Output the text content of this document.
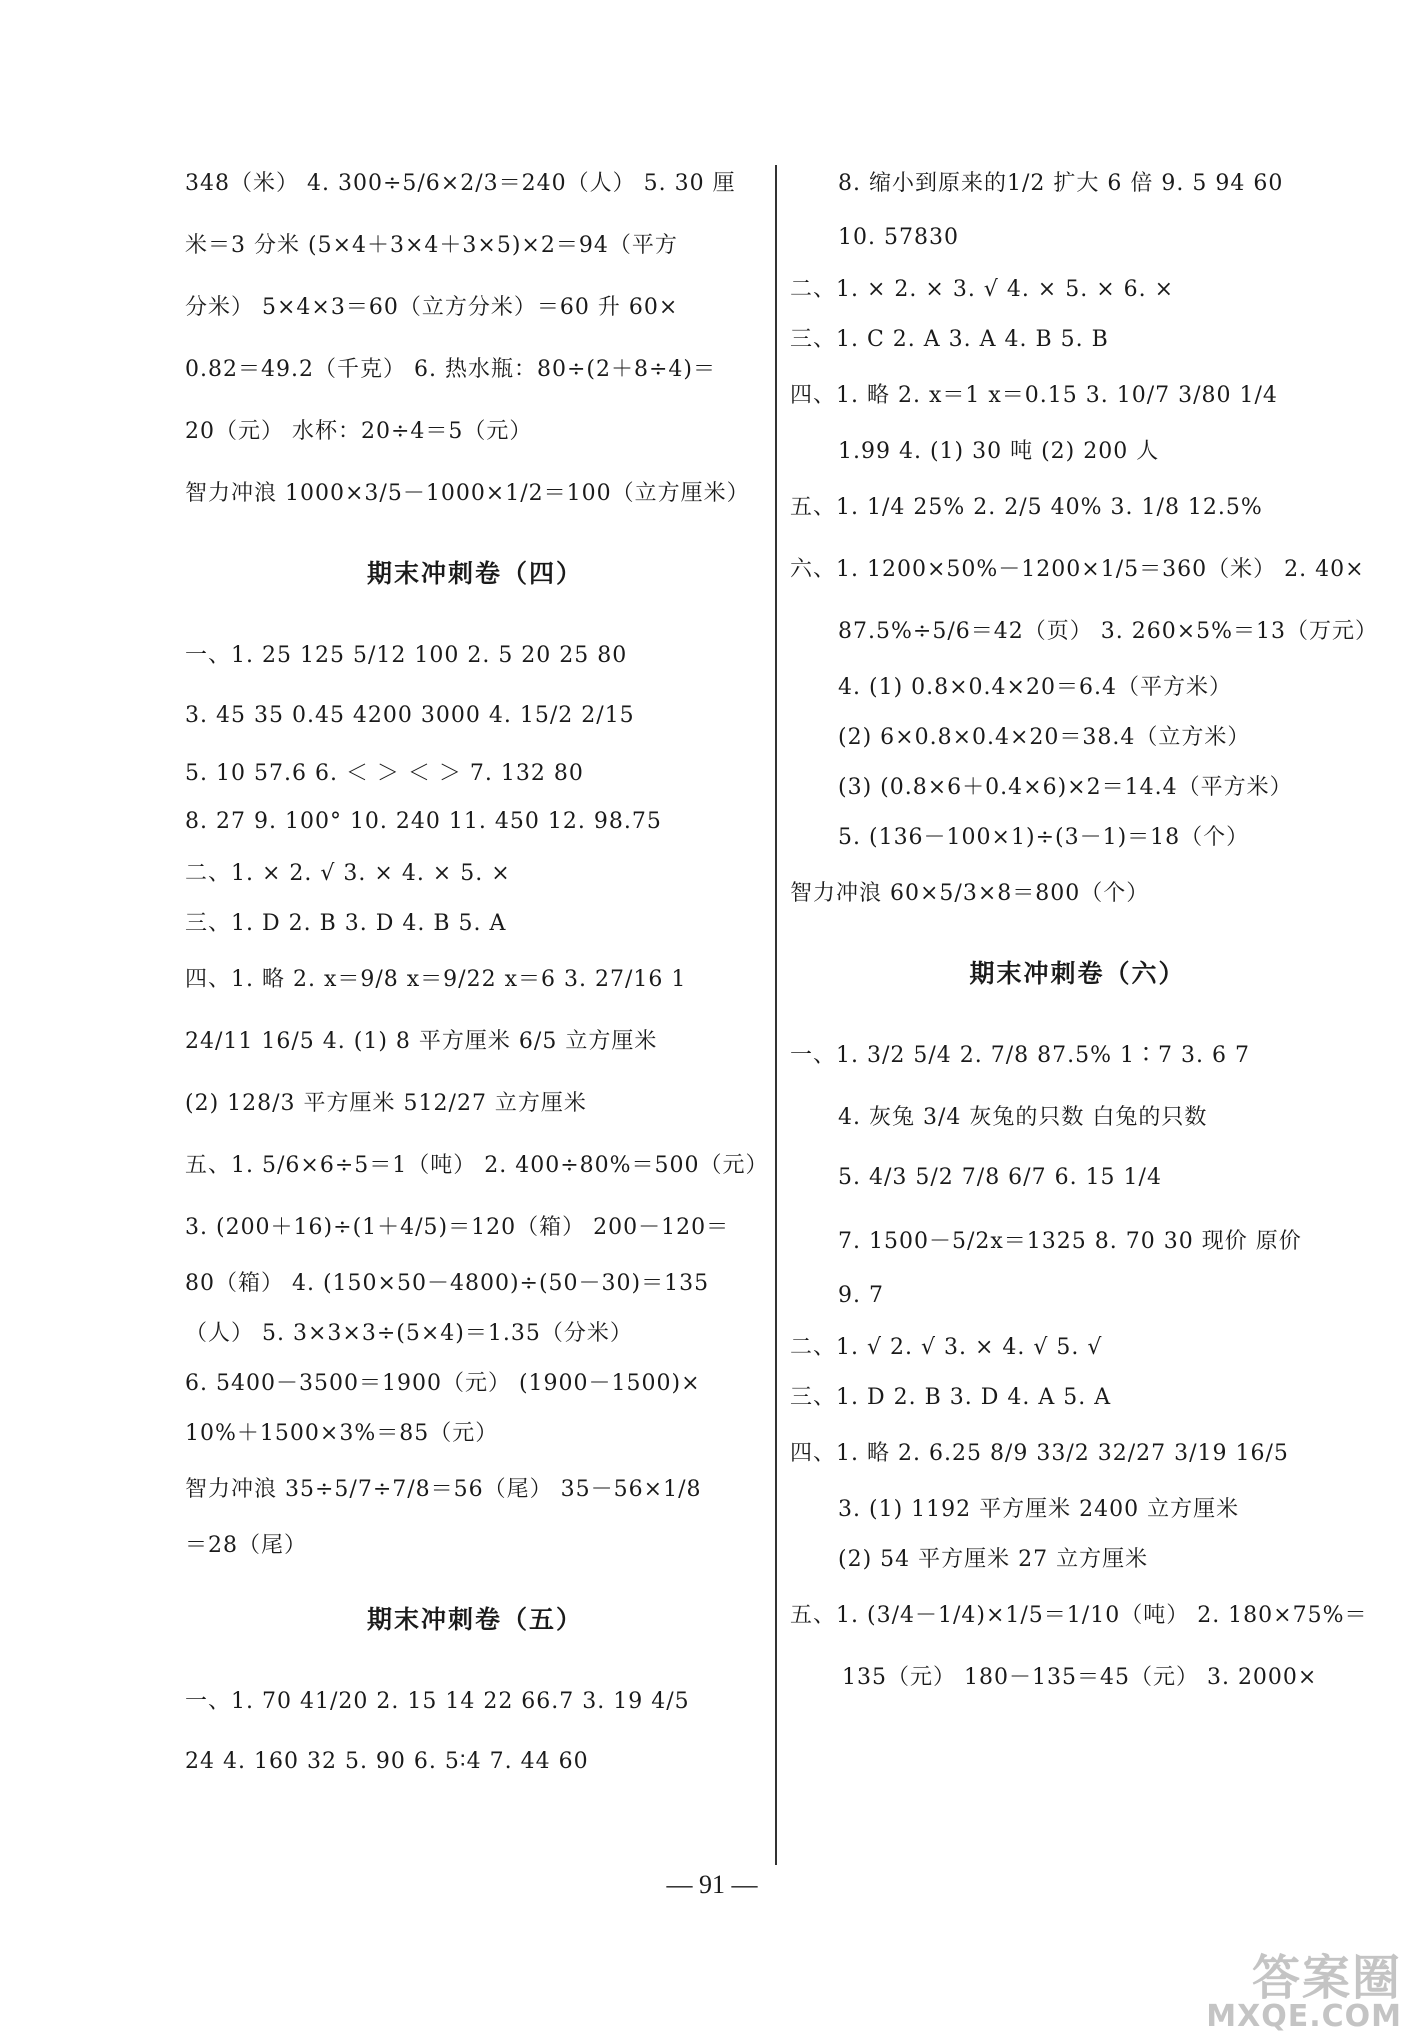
348（米） 4. 300÷5/6×2/3＝240（人） 5. 30 厘
米＝3 分米 (5×4＋3×4＋3×5)×2＝94（平方
分米） 5×4×3＝60（立方分米）＝60 升 60×
0.82＝49.2（千克） 6. 热水瓶：80÷(2＋8÷4)＝
20（元） 水杯：20÷4＝5（元）
智力冲浪 1000×3/5－1000×1/2＝100（立方厘米）
期末冲刺卷（四）
一、1. 25 125 5/12 100 2. 5 20 25 80
3. 45 35 0.45 4200 3000 4. 15/2 2/15
5. 10 57.6 6. ＜ ＞ ＜ ＞ 7. 132 80
8. 27 9. 100° 10. 240 11. 450 12. 98.75
二、1. × 2. √ 3. × 4. × 5. ×
三、1. D 2. B 3. D 4. B 5. A
四、1. 略 2. x＝9/8 x＝9/22 x＝6 3. 27/16 1
24/11 16/5 4. (1) 8 平方厘米 6/5 立方厘米
(2) 128/3 平方厘米 512/27 立方厘米
五、1. 5/6×6÷5＝1（吨） 2. 400÷80%＝500（元）
3. (200＋16)÷(1＋4/5)＝120（箱） 200－120＝
80（箱） 4. (150×50－4800)÷(50－30)＝135
（人） 5. 3×3×3÷(5×4)＝1.35（分米）
6. 5400－3500＝1900（元） (1900－1500)×
10%＋1500×3%＝85（元）
智力冲浪 35÷5/7÷7/8＝56（尾） 35－56×1/8
＝28（尾）
期末冲刺卷（五）
一、1. 70 41/20 2. 15 14 22 66.7 3. 19 4/5
24 4. 160 32 5. 90 6. 5∶4 7. 44 60
8. 缩小到原来的1/2 扩大 6 倍 9. 5 94 60
10. 57830
二、1. × 2. × 3. √ 4. × 5. × 6. ×
三、1. C 2. A 3. A 4. B 5. B
四、1. 略 2. x＝1 x＝0.15 3. 10/7 3/80 1/4
1.99 4. (1) 30 吨 (2) 200 人
五、1. 1/4 25% 2. 2/5 40% 3. 1/8 12.5%
六、1. 1200×50%－1200×1/5＝360（米） 2. 40×
87.5%÷5/6＝42（页） 3. 260×5%＝13（万元）
4. (1) 0.8×0.4×20＝6.4（平方米）
(2) 6×0.8×0.4×20＝38.4（立方米）
(3) (0.8×6＋0.4×6)×2＝14.4（平方米）
5. (136－100×1)÷(3－1)＝18（个）
智力冲浪 60×5/3×8＝800（个）
期末冲刺卷（六）
一、1. 3/2 5/4 2. 7/8 87.5% 1∶7 3. 6 7
4. 灰兔 3/4 灰兔的只数 白兔的只数
5. 4/3 5/2 7/8 6/7 6. 15 1/4
7. 1500－5/2x＝1325 8. 70 30 现价 原价
9. 7
二、1. √ 2. √ 3. × 4. √ 5. √
三、1. D 2. B 3. D 4. A 5. A
四、1. 略 2. 6.25 8/9 33/2 32/27 3/19 16/5
3. (1) 1192 平方厘米 2400 立方厘米
(2) 54 平方厘米 27 立方厘米
五、1. (3/4－1/4)×1/5＝1/10（吨） 2. 180×75%＝
135（元） 180－135＝45（元） 3. 2000×
— 91 —
答案圈
MXQE.COM
